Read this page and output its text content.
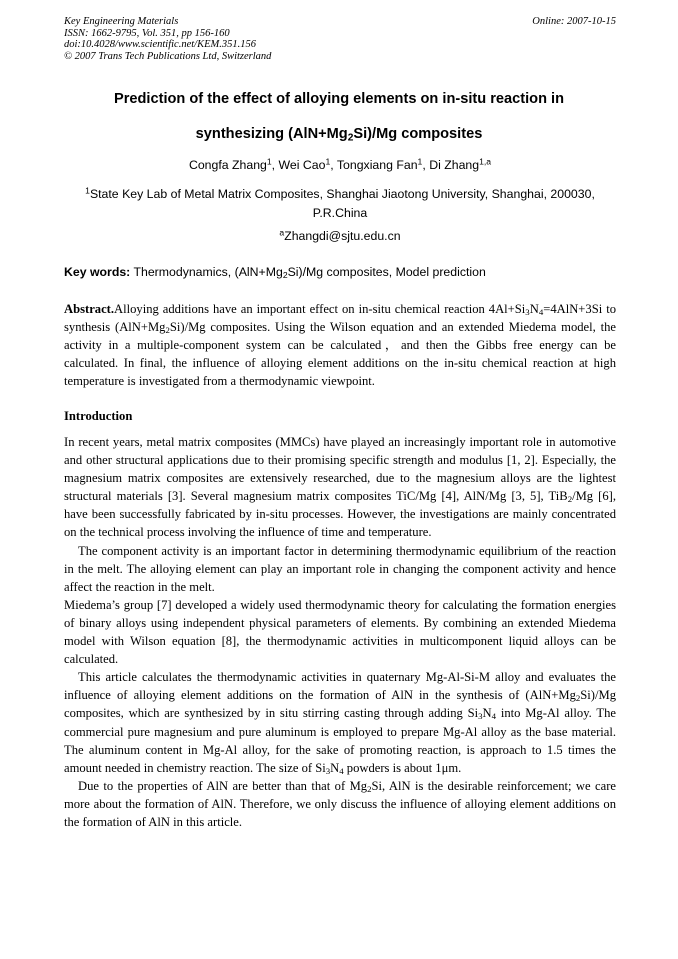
Key Engineering Materials
ISSN: 1662-9795, Vol. 351, pp 156-160
doi:10.4028/www.scientific.net/KEM.351.156
© 2007 Trans Tech Publications Ltd, Switzerland
Online: 2007-10-15
Prediction of the effect of alloying elements on in-situ reaction in
synthesizing $(AlN+Mg_2Si)/Mg$ composites
Congfa Zhang$^1$, Wei Cao$^1$, Tongxiang Fan$^1$, Di Zhang$^{1,a}$
$^1$State Key Lab of Metal Matrix Composites, Shanghai Jiaotong University, Shanghai, 200030, P.R.China
$^a$Zhangdi@sjtu.edu.cn
Key words: Thermodynamics, $(AlN+Mg_2Si)/Mg$ composites, Model prediction
Abstract.Alloying additions have an important effect on in-situ chemical reaction $4Al+Si_3N_4=4AlN+3Si$ to synthesis $(AlN+Mg_2Si)/Mg$ composites. Using the Wilson equation and an extended Miedema model, the activity in a multiple-component system can be calculated，and then the Gibbs free energy can be calculated. In final, the influence of alloying element additions on the in-situ chemical reaction at high temperature is investigated from a thermodynamic viewpoint.
Introduction

In recent years, metal matrix composites (MMCs) have played an increasingly important role in automotive and other structural applications due to their promising specific strength and modulus [1, 2]. Especially, the magnesium matrix composites are extensively researched, due to the magnesium alloys are the lightest structural materials [3]. Several magnesium matrix composites TiC/Mg [4], AlN/Mg [3, 5], TiB$_2$/Mg [6], have been successfully fabricated by in-situ processes. However, the investigations are mainly concentrated on the technical process involving the influence of time and temperature.

The component activity is an important factor in determining thermodynamic equilibrium of the reaction in the melt. The alloying element can play an important role in changing the component activity and hence affect the reaction in the melt.

Miedema’s group [7] developed a widely used thermodynamic theory for calculating the formation energies of binary alloys using independent physical parameters of elements. By combining an extended Miedema model with Wilson equation [8], the thermodynamic activities in multicomponent liquid alloys can be calculated.

This article calculates the thermodynamic activities in quaternary Mg-Al-Si-M alloy and evaluates the influence of alloying element additions on the formation of AlN in the synthesis of $(AlN+Mg_2Si)/Mg$ composites, which are synthesized by in situ stirring casting through adding $Si_3N_4$ into Mg-Al alloy. The commercial pure magnesium and pure aluminum is employed to prepare Mg-Al alloy as the base material. The aluminum content in Mg-Al alloy, for the sake of promoting reaction, is approach to 1.5 times the amount needed in chemistry reaction. The size of $Si_3N_4$ powders is about 1μm.

Due to the properties of AlN are better than that of $Mg_2Si$, AlN is the desirable reinforcement; we care more about the formation of AlN. Therefore, we only discuss the influence of alloying element additions on the formation of AlN in this article.
